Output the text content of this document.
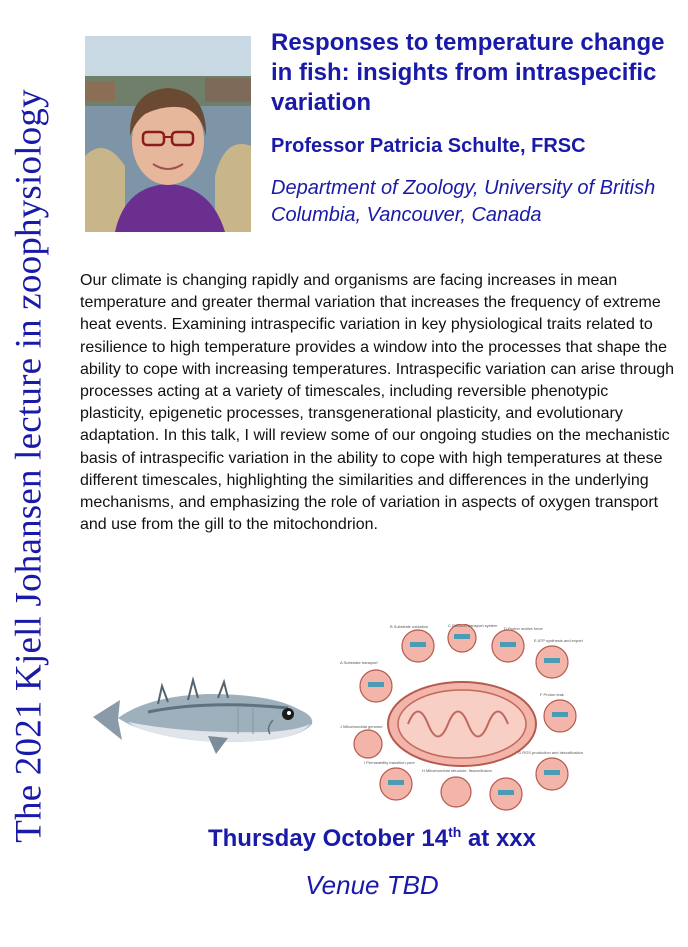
The 2021 Kjell Johansen lecture in zoophysiology
Responses to temperature change in fish: insights from intraspecific variation
Professor Patricia Schulte, FRSC
Department of Zoology, University of British Columbia, Vancouver, Canada

Our climate is changing rapidly and organisms are facing increases in mean temperature and greater thermal variation that increases the frequency of extreme heat events. Examining intraspecific variation in key physiological traits related to resilience to high temperature provides a window into the processes that shape the ability to cope with increasing temperatures. Intraspecific variation can arise through processes acting at a variety of timescales, including reversible phenotypic plasticity, epigenetic processes, transgenerational plasticity, and evolutionary adaptation. In this talk, I will review some of our ongoing studies on the mechanistic basis of intraspecific variation in the ability to cope with high temperatures at these different timescales, highlighting the similarities and differences in the underlying mechanisms, and emphasizing the role of variation in aspects of oxygen transport and use from the gill to the mitochondrion.

A Substrate transport
B Substrate oxidation	C Electron transport system
D Proton motive force
E ATP synthesis and export
F Proton leak
G ROS production and detoxification
H Mitochondrial structure, fission/fusion
I Permeability transition pore
J Mitochondrial genome
Thursday October 14th at xxx
Venue TBD
